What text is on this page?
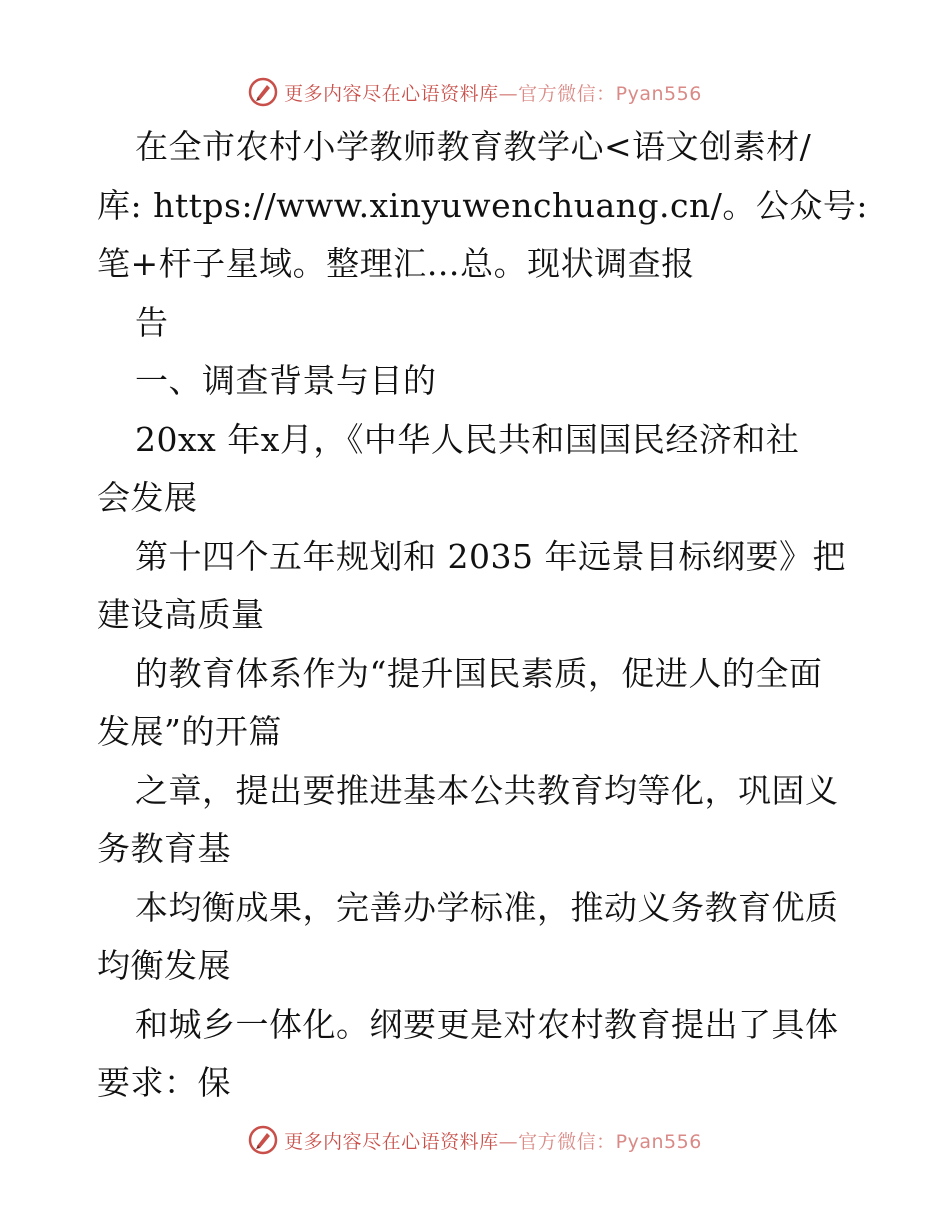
更多内容尽在心语资料库—官方微信：Pyan556
在全市农村小学教师教育教学心<语文创素材/
库: https://www.xinyuwenchuang.cn/。公众号:
笔+杆子星域。整理汇…总。现状调查报
告
一、调查背景与目的
20xx 年x月，《中华人民共和国国民经济和社
会发展
第十四个五年规划和 2035 年远景目标纲要》把
建设高质量
的教育体系作为“提升国民素质，促进人的全面
发展”的开篇
之章，提出要推进基本公共教育均等化，巩固义
务教育基
本均衡成果，完善办学标准，推动义务教育优质
均衡发展
和城乡一体化。纲要更是对农村教育提出了具体
要求：保
更多内容尽在心语资料库—官方微信：Pyan556
